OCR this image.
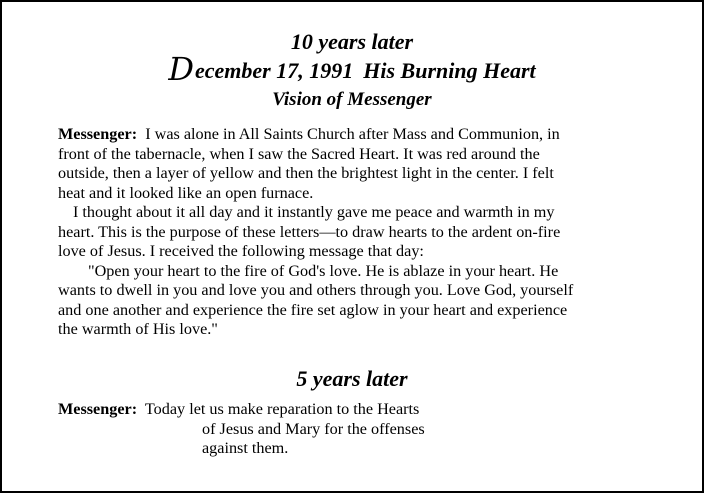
10 years later
December 17, 1991 His Burning Heart
Vision of Messenger
Messenger: I was alone in All Saints Church after Mass and Communion, in
front of the tabernacle, when I saw the Sacred Heart. It was red around the
outside, then a layer of yellow and then the brightest light in the center. I felt
heat and it looked like an open furnace.
I thought about it all day and it instantly gave me peace and warmth in my
heart. This is the purpose of these letters—to draw hearts to the ardent on-fire
love of Jesus. I received the following message that day:
"Open your heart to the fire of God's love. He is ablaze in your heart. He
wants to dwell in you and love you and others through you. Love God, yourself
and one another and experience the fire set aglow in your heart and experience
the warmth of His love."
5 years later
Messenger: Today let us make reparation to the Hearts
of Jesus and Mary for the offenses
against them.
